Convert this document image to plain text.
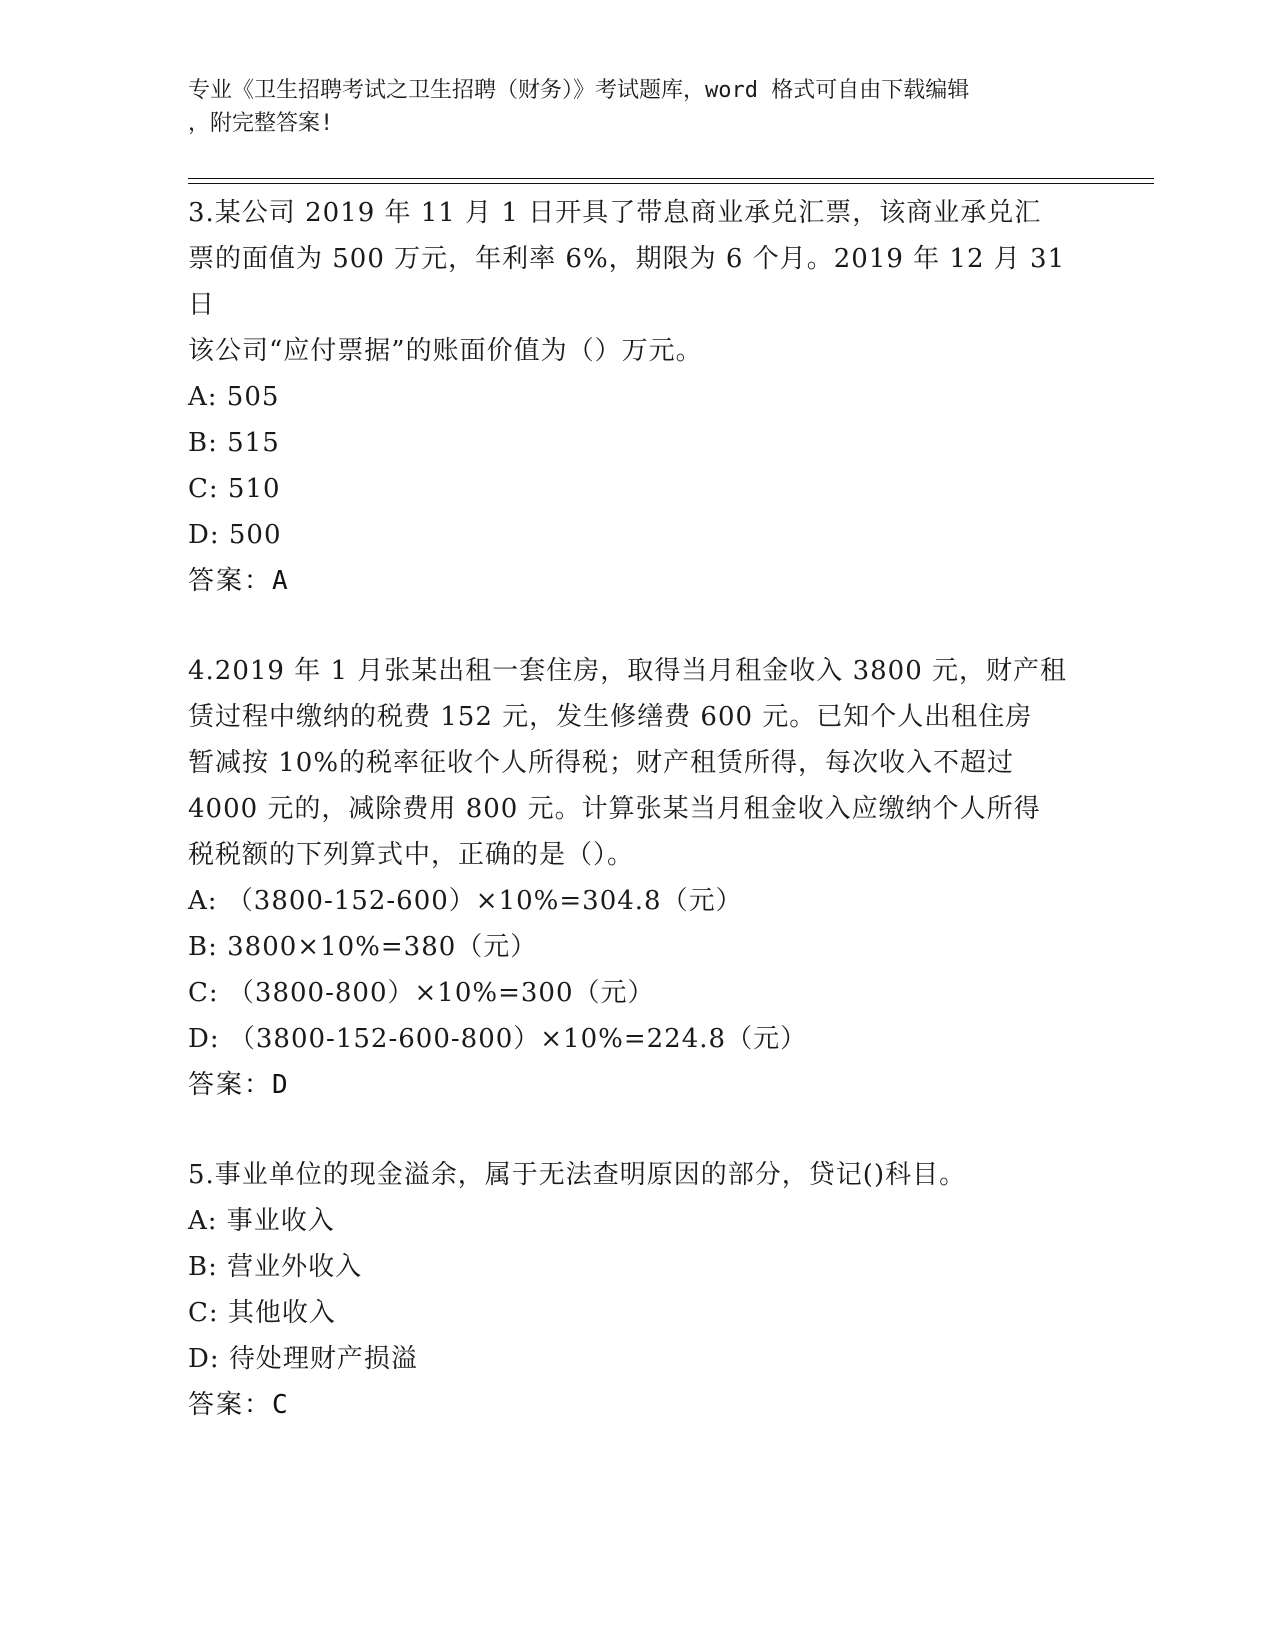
专业《卫生招聘考试之卫生招聘（财务）》考试题库，word 格式可自由下载编辑
，附完整答案!
3.某公司 2019 年 11 月 1 日开具了带息商业承兑汇票，该商业承兑汇
票的面值为 500 万元，年利率 6%，期限为 6 个月。2019 年 12 月 31 日
该公司“应付票据”的账面价值为（）万元。
A: 505
B: 515
C: 510
D: 500
答案：A
4.2019 年 1 月张某出租一套住房，取得当月租金收入 3800 元，财产租
赁过程中缴纳的税费 152 元，发生修缮费 600 元。已知个人出租住房
暂减按 10%的税率征收个人所得税；财产租赁所得，每次收入不超过
4000 元的，减除费用 800 元。计算张某当月租金收入应缴纳个人所得
税税额的下列算式中，正确的是（）。
A: （3800-152-600）×10%=304.8（元）
B: 3800×10%=380（元）
C: （3800-800）×10%=300（元）
D: （3800-152-600-800）×10%=224.8（元）
答案：D
5.事业单位的现金溢余，属于无法查明原因的部分，贷记()科目。
A: 事业收入
B: 营业外收入
C: 其他收入
D: 待处理财产损溢
答案：C
